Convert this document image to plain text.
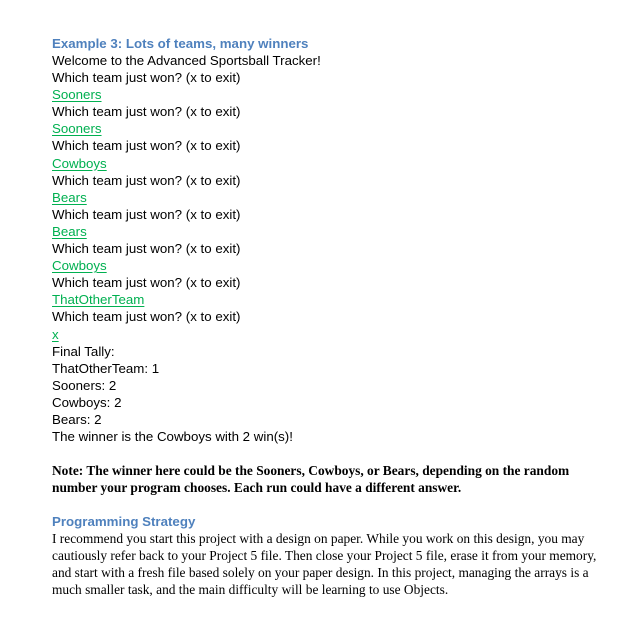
Example 3: Lots of teams, many winners

Welcome to the Advanced Sportsball Tracker!

Which team just won? (x to exit)

Sooners

Which team just won? (x to exit)

Sooners

Which team just won? (x to exit)

Cowboys

Which team just won? (x to exit)

Bears

Which team just won? (x to exit)

Bears

Which team just won? (x to exit)

Cowboys

Which team just won? (x to exit)

ThatOtherTeam

Which team just won? (x to exit)

x

Final Tally:

ThatOtherTeam: 1

Sooners: 2

Cowboys: 2

Bears: 2

The winner is the Cowboys with 2 win(s)!

Note: The winner here could be the Sooners, Cowboys, or Bears, depending on the random number your program chooses. Each run could have a different answer.

Programming Strategy

I recommend you start this project with a design on paper. While you work on this design, you may cautiously refer back to your Project 5 file. Then close your Project 5 file, erase it from your memory, and start with a fresh file based solely on your paper design. In this project, managing the arrays is a much smaller task, and the main difficulty will be learning to use Objects.
